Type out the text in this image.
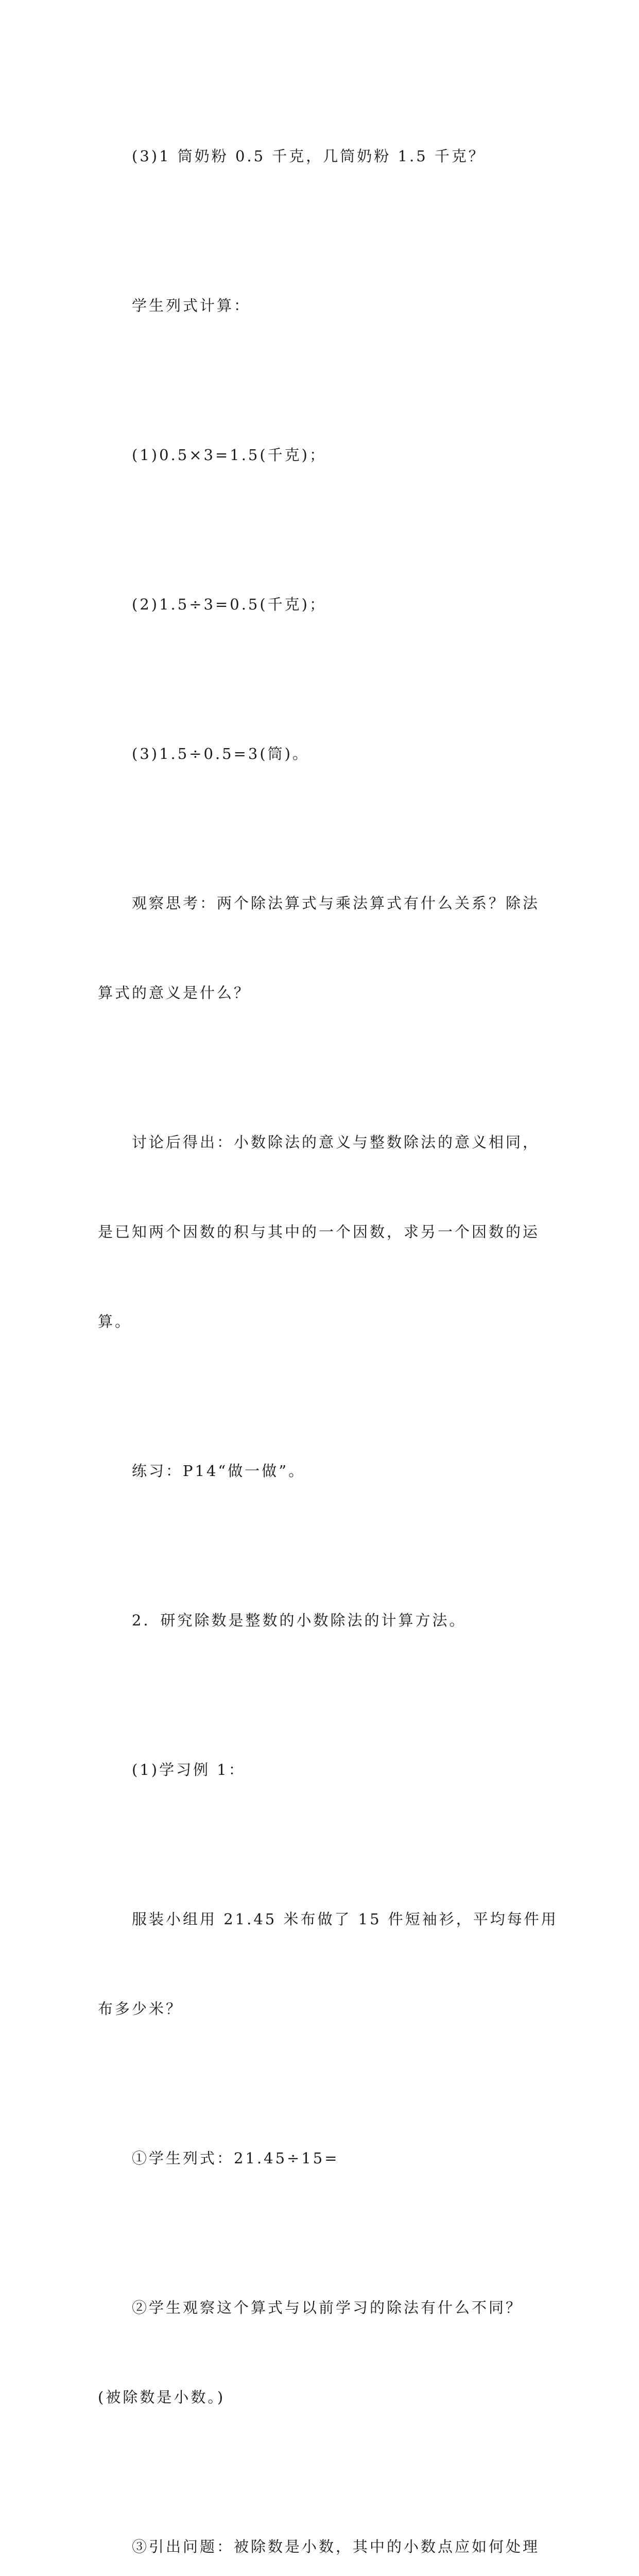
(3)1 筒奶粉 0.5 千克，几筒奶粉 1.5 千克？

学生列式计算：

(1)0.5×3=1.5(千克)；

(2)1.5÷3=0.5(千克)；

(3)1.5÷0.5=3(筒)。

观察思考：两个除法算式与乘法算式有什么关系？除法

算式的意义是什么？

讨论后得出：小数除法的意义与整数除法的意义相同，

是已知两个因数的积与其中的一个因数，求另一个因数的运

算。

练习：P14“做一做”。

2．研究除数是整数的小数除法的计算方法。

(1)学习例 1：

服装小组用 21.45 米布做了 15 件短袖衫，平均每件用

布多少米？

①学生列式：21.45÷15=

②学生观察这个算式与以前学习的除法有什么不同？

(被除数是小数。)

③引出问题：被除数是小数，其中的小数点应如何处理
